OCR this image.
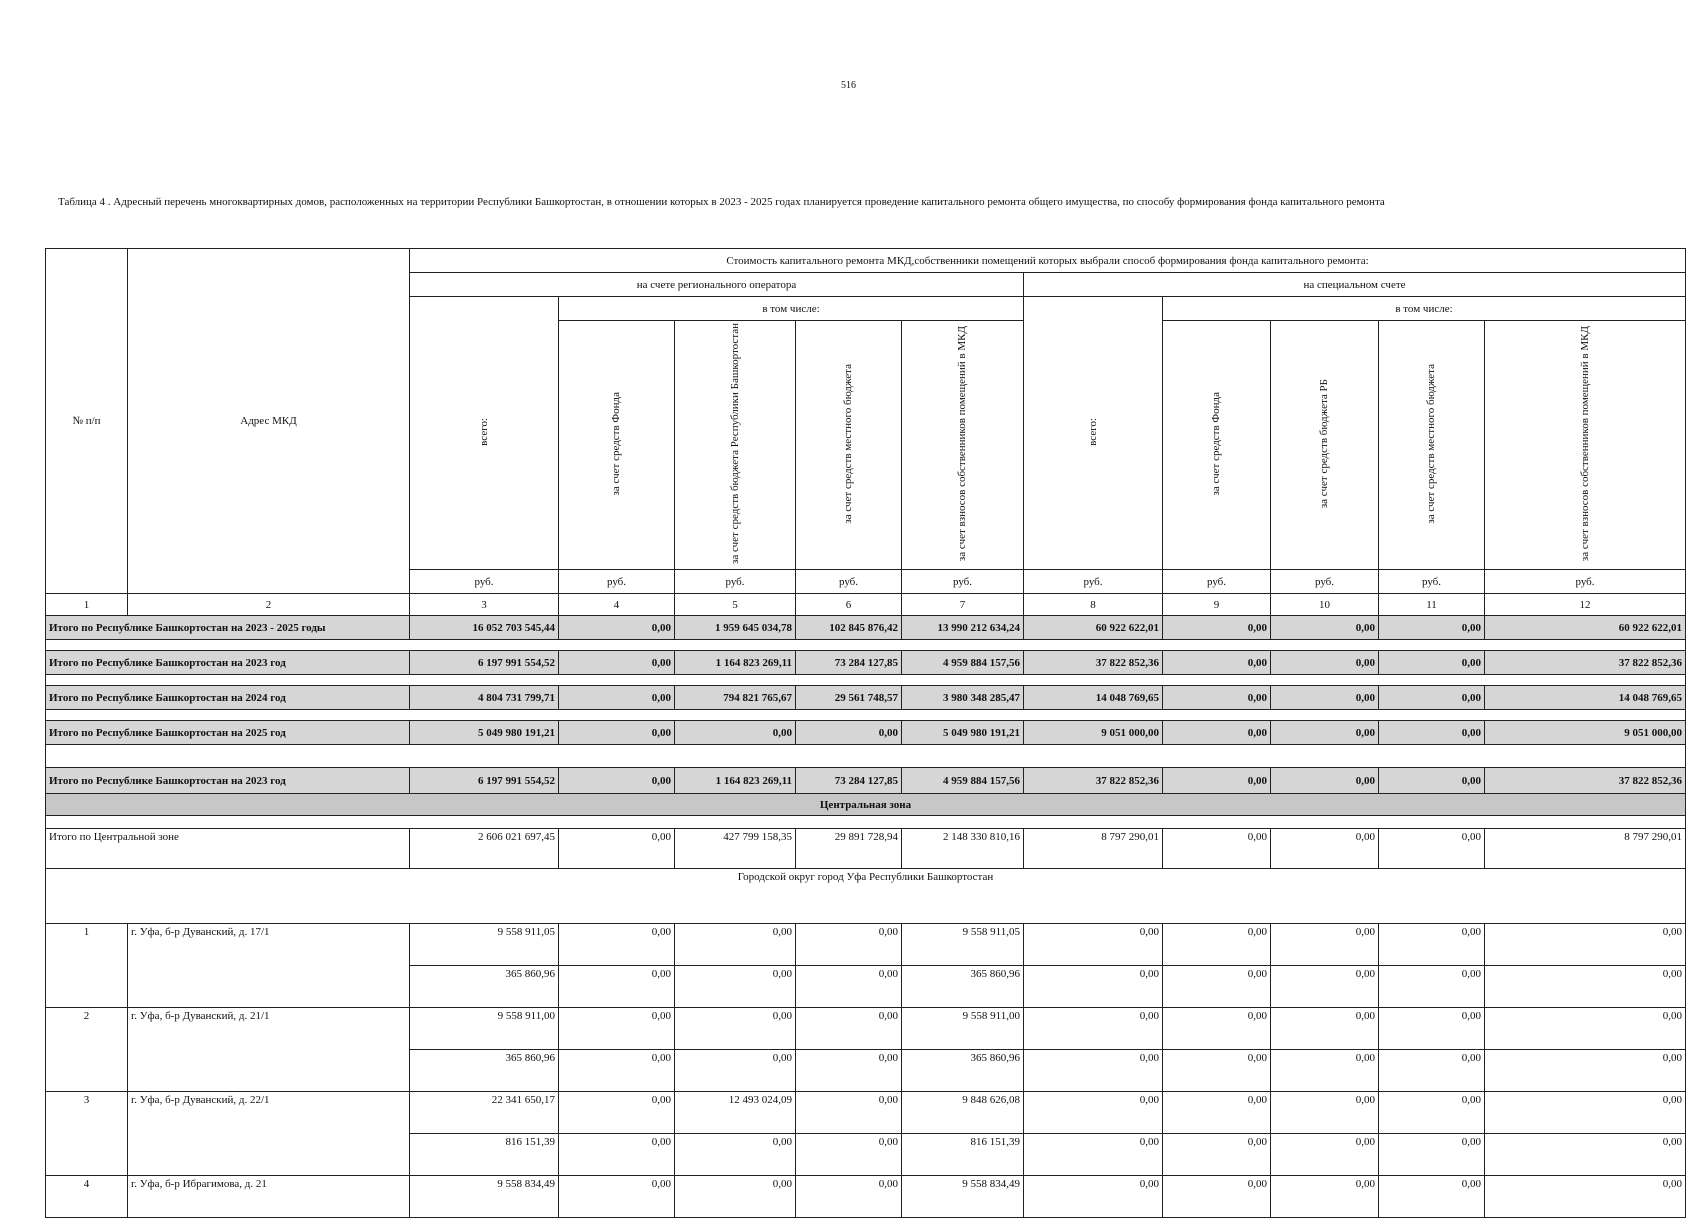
516
Таблица 4 . Адресный перечень многоквартирных домов, расположенных на территории Республики Башкортостан, в отношении которых в 2023 - 2025 годах планируется проведение капитального ремонта общего имущества, по способу формирования фонда капитального ремонта
№ п/п	Адрес МКД	Стоимость капитального ремонта МКД,собственники помещений которых выбрали способ формирования фонда капитального ремонта:									
		на счете регионального оператора					на специальном счете				
		всего:	в том числе:				всего:	в том числе:			
			за счет средств Фонда	за счет средств бюджета Республики Башкортостан	за счет средств местного бюджета	за счет взносов собственников помещений в МКД		за счет средств Фонда	за счет средств бюджета РБ	за счет средств местного бюджета	за счет взносов собственников помещений в МКД
		руб.	руб.	руб.	руб.	руб.	руб.	руб.	руб.	руб.	руб.
1	2	3	4	5	6	7	8	9	10	11	12
Итого по Республике Башкортостан на 2023 - 2025 годы		16 052 703 545,44	0,00	1 959 645 034,78	102 845 876,42	13 990 212 634,24	60 922 622,01	0,00	0,00	0,00	60 922 622,01

Итого по Республике Башкортостан на 2023 год		6 197 991 554,52	0,00	1 164 823 269,11	73 284 127,85	4 959 884 157,56	37 822 852,36	0,00	0,00	0,00	37 822 852,36

Итого по Республике Башкортостан на 2024 год		4 804 731 799,71	0,00	794 821 765,67	29 561 748,57	3 980 348 285,47	14 048 769,65	0,00	0,00	0,00	14 048 769,65

Итого по Республике Башкортостан на 2025 год		5 049 980 191,21	0,00	0,00	0,00	5 049 980 191,21	9 051 000,00	0,00	0,00	0,00	9 051 000,00

Итого по Республике Башкортостан на 2023 год		6 197 991 554,52	0,00	1 164 823 269,11	73 284 127,85	4 959 884 157,56	37 822 852,36	0,00	0,00	0,00	37 822 852,36
Центральная зона											

Итого по Центральной зоне		2 606 021 697,45	0,00	427 799 158,35	29 891 728,94	2 148 330 810,16	8 797 290,01	0,00	0,00	0,00	8 797 290,01
Городской округ город Уфа Республики Башкортостан											
1	г. Уфа, б-р Дуванский, д. 17/1	9 558 911,05	0,00	0,00	0,00	9 558 911,05	0,00	0,00	0,00	0,00	0,00
		365 860,96	0,00	0,00	0,00	365 860,96	0,00	0,00	0,00	0,00	0,00
2	г. Уфа, б-р Дуванский, д. 21/1	9 558 911,00	0,00	0,00	0,00	9 558 911,00	0,00	0,00	0,00	0,00	0,00
		365 860,96	0,00	0,00	0,00	365 860,96	0,00	0,00	0,00	0,00	0,00
3	г. Уфа, б-р Дуванский, д. 22/1	22 341 650,17	0,00	12 493 024,09	0,00	9 848 626,08	0,00	0,00	0,00	0,00	0,00
		816 151,39	0,00	0,00	0,00	816 151,39	0,00	0,00	0,00	0,00	0,00
4	г. Уфа, б-р Ибрагимова, д. 21	9 558 834,49	0,00	0,00	0,00	9 558 834,49	0,00	0,00	0,00	0,00	0,00
